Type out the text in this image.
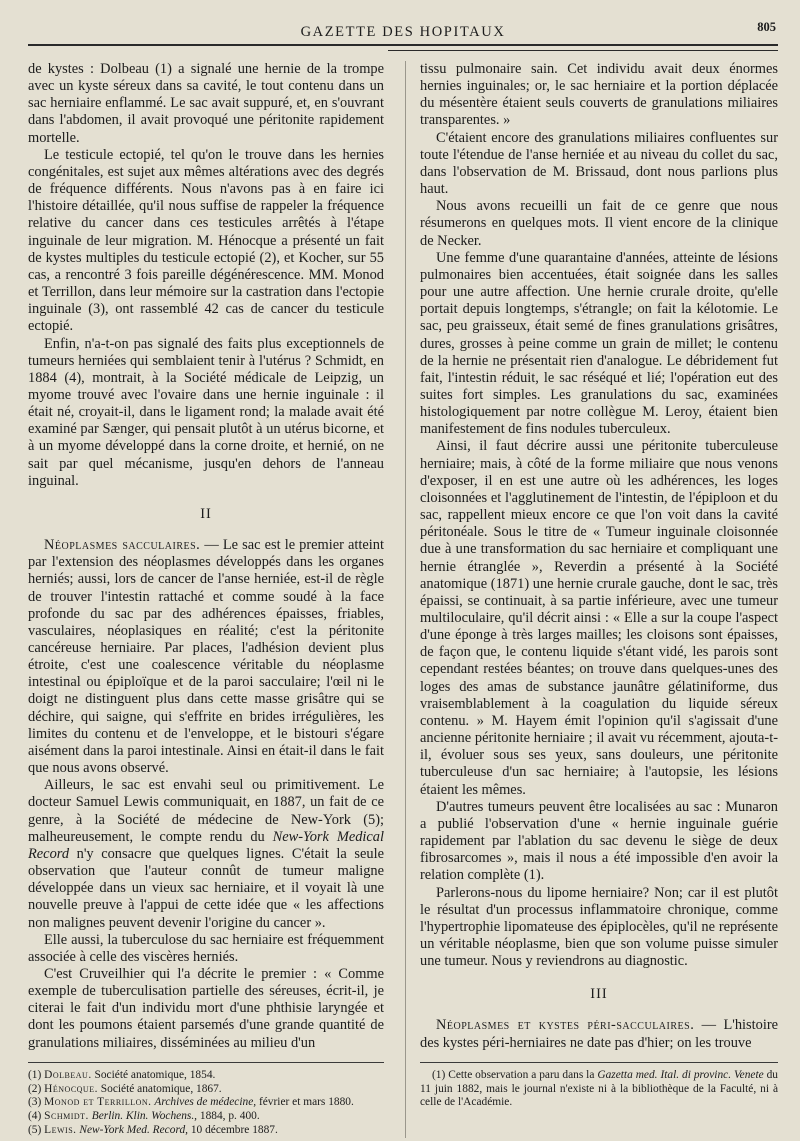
GAZETTE DES HOPITAUX	805

de kystes : Dolbeau (1) a signalé une hernie de la trompe avec un kyste séreux dans sa cavité, le tout contenu dans un sac herniaire enflammé. Le sac avait suppuré, et, en s'ouvrant dans l'abdomen, il avait provoqué une péritonite rapidement mortelle.

Le testicule ectopié, tel qu'on le trouve dans les hernies congénitales, est sujet aux mêmes altérations avec des degrés de fréquence différents. Nous n'avons pas à en faire ici l'histoire détaillée, qu'il nous suffise de rappeler la fréquence relative du cancer dans ces testicules arrêtés à l'étape inguinale de leur migration. M. Hénocque a présenté un fait de kystes multiples du testicule ectopié (2), et Kocher, sur 55 cas, a rencontré 3 fois pareille dégénérescence. MM. Monod et Terrillon, dans leur mémoire sur la castration dans l'ectopie inguinale (3), ont rassemblé 42 cas de cancer du testicule ectopié.

Enfin, n'a-t-on pas signalé des faits plus exceptionnels de tumeurs herniées qui semblaient tenir à l'utérus ? Schmidt, en 1884 (4), montrait, à la Société médicale de Leipzig, un myome trouvé avec l'ovaire dans une hernie inguinale : il était né, croyait-il, dans le ligament rond; la malade avait été examiné par Sænger, qui pensait plutôt à un utérus bicorne, et à un myome développé dans la corne droite, et hernié, on ne sait par quel mécanisme, jusqu'en dehors de l'anneau inguinal.

II

Néoplasmes sacculaires. — Le sac est le premier atteint par l'extension des néoplasmes développés dans les organes herniés; aussi, lors de cancer de l'anse herniée, est-il de règle de trouver l'intestin rattaché et comme soudé à la face profonde du sac par des adhérences épaisses, friables, vasculaires, néoplasiques en réalité; c'est la péritonite cancéreuse herniaire. Par places, l'adhésion devient plus étroite, c'est une coalescence véritable du néoplasme intestinal ou épiploïque et de la paroi sacculaire; l'œil ni le doigt ne distinguent plus dans cette masse grisâtre qui se déchire, qui saigne, qui s'effrite en brides irrégulières, les limites du contenu et de l'enveloppe, et le bistouri s'égare aisément dans la paroi intestinale. Ainsi en était-il dans le fait que nous avons observé.

Ailleurs, le sac est envahi seul ou primitivement. Le docteur Samuel Lewis communiquait, en 1887, un fait de ce genre, à la Société de médecine de New-York (5); malheureusement, le compte rendu du New-York Medical Record n'y consacre que quelques lignes. C'était la seule observation que l'auteur connût de tumeur maligne développée dans un vieux sac herniaire, et il voyait là une nouvelle preuve à l'appui de cette idée que « les affections non malignes peuvent devenir l'origine du cancer ».

Elle aussi, la tuberculose du sac herniaire est fréquemment associée à celle des viscères herniés.

C'est Cruveilhier qui l'a décrite le premier : « Comme exemple de tuberculisation partielle des séreuses, écrit-il, je citerai le fait d'un individu mort d'une phthisie laryngée et dont les poumons étaient parsemés d'une grande quantité de granulations miliaires, disséminées au milieu d'un

(1) Dolbeau. Société anatomique, 1854.
(2) Hénocque. Société anatomique, 1867.
(3) Monod et Terrillon. Archives de médecine, février et mars 1880.
(4) Schmidt. Berlin. Klin. Wochens., 1884, p. 400.
(5) Lewis. New-York Med. Record, 10 décembre 1887.

tissu pulmonaire sain. Cet individu avait deux énormes hernies inguinales; or, le sac herniaire et la portion déplacée du mésentère étaient seuls couverts de granulations miliaires transparentes. »

C'étaient encore des granulations miliaires confluentes sur toute l'étendue de l'anse herniée et au niveau du collet du sac, dans l'observation de M. Brissaud, dont nous parlions plus haut.

Nous avons recueilli un fait de ce genre que nous résumerons en quelques mots. Il vient encore de la clinique de Necker.

Une femme d'une quarantaine d'années, atteinte de lésions pulmonaires bien accentuées, était soignée dans les salles pour une autre affection. Une hernie crurale droite, qu'elle portait depuis longtemps, s'étrangle; on fait la kélotomie. Le sac, peu graisseux, était semé de fines granulations grisâtres, dures, grosses à peine comme un grain de millet; le contenu de la hernie ne présentait rien d'analogue. Le débridement fut fait, l'intestin réduit, le sac réséqué et lié; l'opération eut des suites fort simples. Les granulations du sac, examinées histologiquement par notre collègue M. Leroy, étaient bien manifestement de fins nodules tuberculeux.

Ainsi, il faut décrire aussi une péritonite tuberculeuse herniaire; mais, à côté de la forme miliaire que nous venons d'exposer, il en est une autre où les adhérences, les loges cloisonnées et l'agglutinement de l'intestin, de l'épiploon et du sac, rappellent mieux encore ce que l'on voit dans la cavité péritonéale. Sous le titre de « Tumeur inguinale cloisonnée due à une transformation du sac herniaire et compliquant une hernie étranglée », Reverdin a présenté à la Société anatomique (1871) une hernie crurale gauche, dont le sac, très épaissi, se continuait, à sa partie inférieure, avec une tumeur multiloculaire, qu'il décrit ainsi : « Elle a sur la coupe l'aspect d'une éponge à très larges mailles; les cloisons sont épaisses, de façon que, le contenu liquide s'étant vidé, les parois sont cependant restées béantes; on trouve dans quelques-unes des loges des amas de substance jaunâtre gélatiniforme, dus vraisemblablement à la coagulation du liquide séreux contenu. » M. Hayem émit l'opinion qu'il s'agissait d'une ancienne péritonite herniaire ; il avait vu récemment, ajouta-t-il, évoluer sous ses yeux, sans douleurs, une péritonite tuberculeuse d'un sac herniaire; à l'autopsie, les lésions étaient les mêmes.

D'autres tumeurs peuvent être localisées au sac : Munaron a publié l'observation d'une « hernie inguinale guérie rapidement par l'ablation du sac devenu le siège de deux fibrosarcomes », mais il nous a été impossible d'en avoir la relation complète (1).

Parlerons-nous du lipome herniaire? Non; car il est plutôt le résultat d'un processus inflammatoire chronique, comme l'hypertrophie lipomateuse des épiplocèles, qu'il ne représente un véritable néoplasme, bien que son volume puisse simuler une tumeur. Nous y reviendrons au diagnostic.

III

Néoplasmes et kystes péri-sacculaires. — L'histoire des kystes péri-herniaires ne date pas d'hier; on les trouve

(1) Cette observation a paru dans la Gazetta med. Ital. di provinc. Venete du 11 juin 1882, mais le journal n'existe ni à la bibliothèque de la Faculté, ni à celle de l'Académie.
